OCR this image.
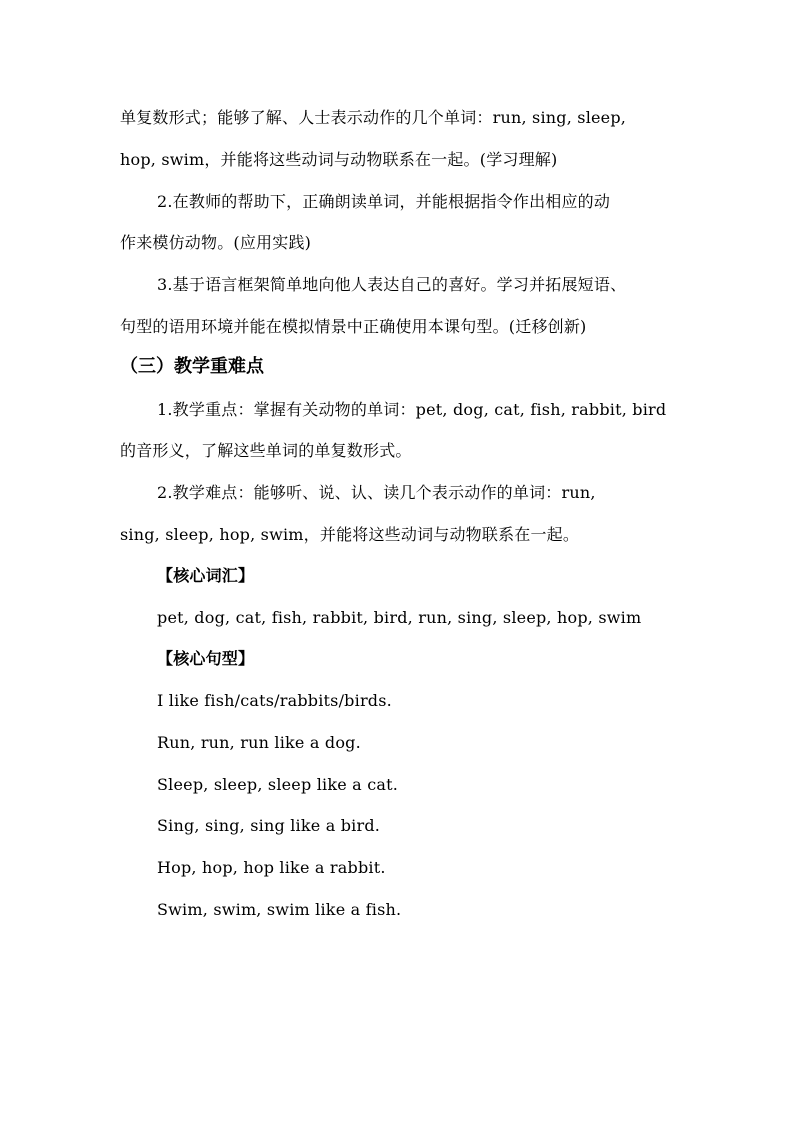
单复数形式；能够了解、人士表示动作的几个单词：run, sing, sleep,
hop, swim，并能将这些动词与动物联系在一起。(学习理解)
2.在教师的帮助下，正确朗读单词，并能根据指令作出相应的动
作来模仿动物。(应用实践)
3.基于语言框架简单地向他人表达自己的喜好。学习并拓展短语、
句型的语用环境并能在模拟情景中正确使用本课句型。(迁移创新)
（三）教学重难点
1.教学重点：掌握有关动物的单词：pet, dog, cat, fish, rabbit, bird
的音形义，了解这些单词的单复数形式。
2.教学难点：能够听、说、认、读几个表示动作的单词：run,
sing, sleep, hop, swim，并能将这些动词与动物联系在一起。
【核心词汇】
pet, dog, cat, fish, rabbit, bird, run, sing, sleep, hop, swim
【核心句型】
I like fish/cats/rabbits/birds.
Run, run, run like a dog.
Sleep, sleep, sleep like a cat.
Sing, sing, sing like a bird.
Hop, hop, hop like a rabbit.
Swim, swim, swim like a fish.
